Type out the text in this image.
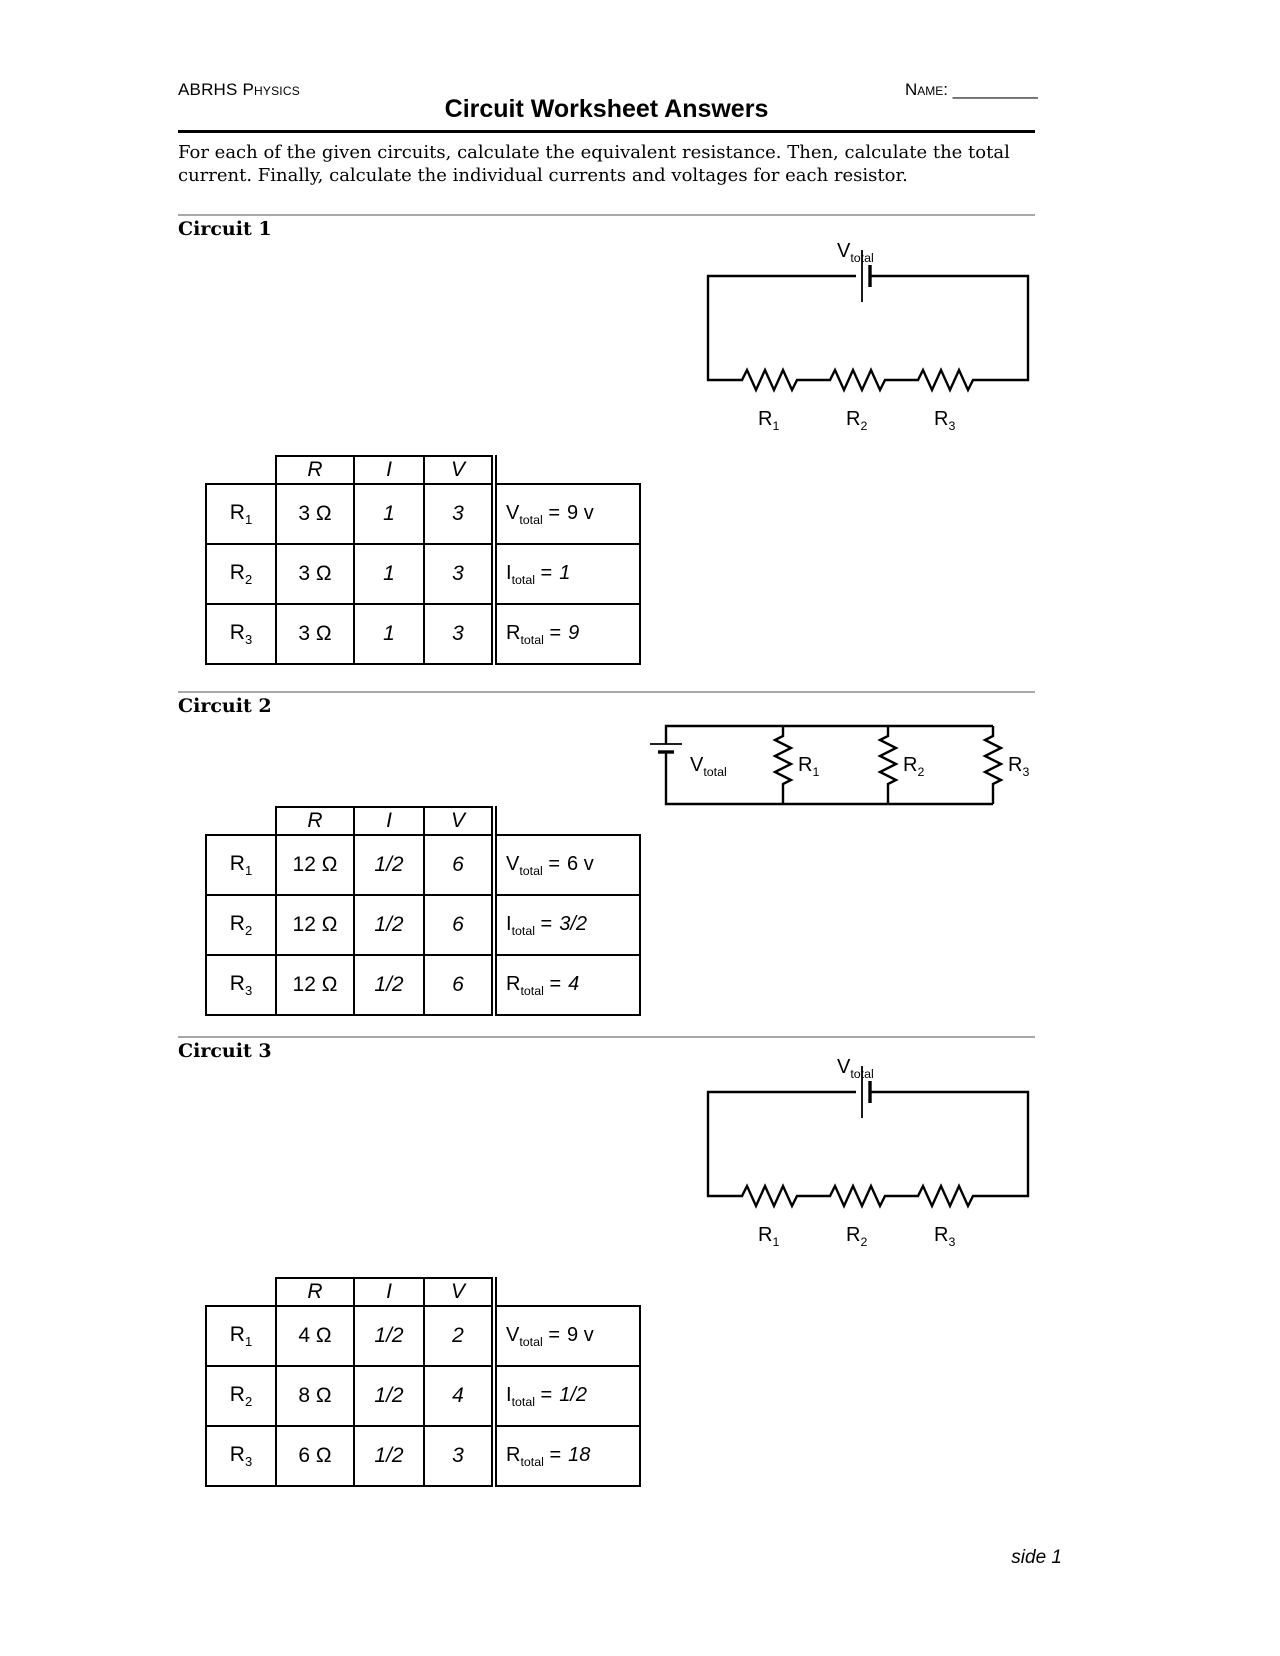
ABRHS Physics	Name: _________
Circuit Worksheet Answers
For each of the given circuits, calculate the equivalent resistance. Then, calculate the total current. Finally, calculate the individual currents and voltages for each resistor.
Circuit 1
Circuit 2
Circuit 3
$V_{total}$
$R_1$	$R_2$	$R_3$
	R	I	V	
$R_1$	3 Ω	1	3	$V_{total} = 9$ v
$R_2$	3 Ω	1	3	$I_{total} = 1$
$R_3$	3 Ω	1	3	$R_{total} = 9$
$V_{total}$	$R_1$	$R_2$	$R_3$
	R	I	V	
$R_1$	12 Ω	1/2	6	$V_{total} = 6$ v
$R_2$	12 Ω	1/2	6	$I_{total} = 3/2$
$R_3$	12 Ω	1/2	6	$R_{total} = 4$
$V_{total}$
$R_1$	$R_2$	$R_3$
	R	I	V	
$R_1$	4 Ω	1/2	2	$V_{total} = 9$ v
$R_2$	8 Ω	1/2	4	$I_{total} = 1/2$
$R_3$	6 Ω	1/2	3	$R_{total} = 18$
side 1
